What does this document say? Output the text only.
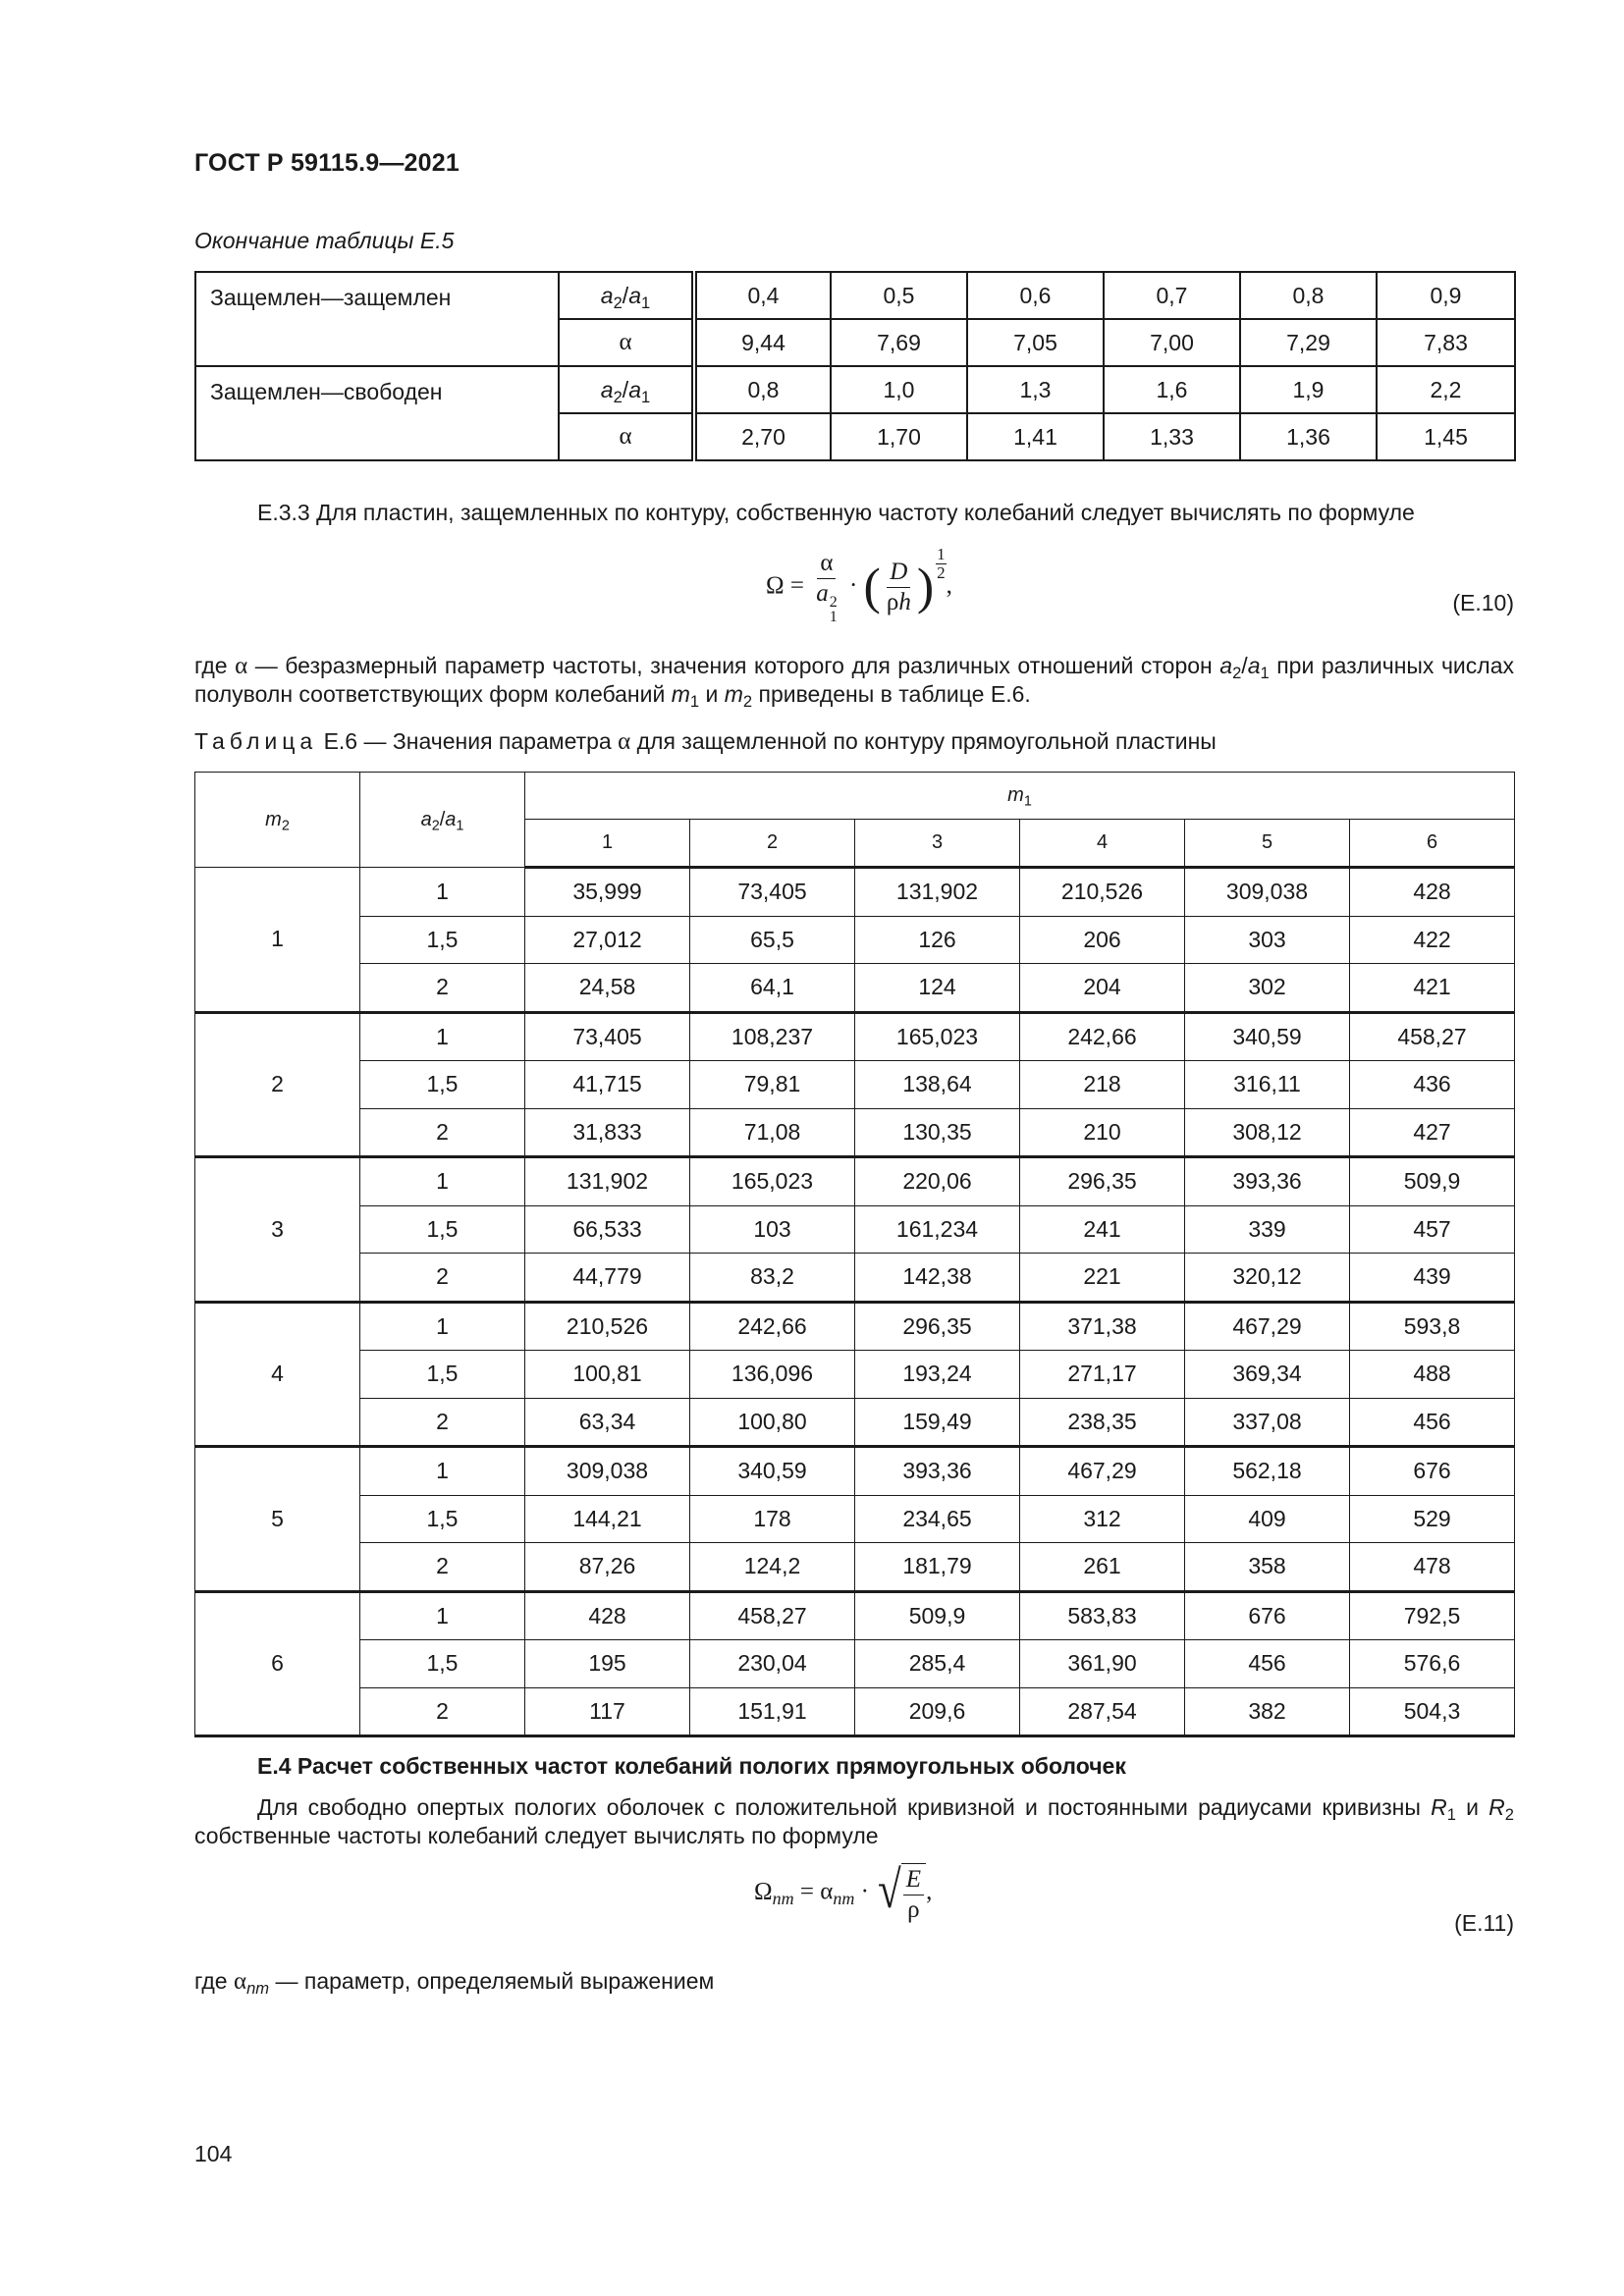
ГОСТ Р 59115.9—2021
Окончание таблицы Е.5
Защемлен—защемлен	$a_2/a_1$	0,4	0,5	0,6	0,7	0,8	0,9
	α	9,44	7,69	7,05	7,00	7,29	7,83
Защемлен—свободен	$a_2/a_1$	0,8	1,0	1,3	1,6	1,9	2,2
	α	2,70	1,70	1,41	1,33	1,36	1,45
Е.3.3 Для пластин, защемленных по контуру, собственную частоту колебаний следует вычислять по формуле
Ω = α
a 2
1 · ( $\frac{D}{\rho h}$ ) $\frac{1}{2}$
,
(Е.10)
где α — безразмерный параметр частоты, значения которого для различных отношений сторон $a_2/a_1$ при различных числах полуволн соответствующих форм колебаний $m_1$ и $m_2$ приведены в таблице Е.6.
Таблица Е.6 — Значения параметра α для защемленной по контуру прямоугольной пластины
$m_2$	$a_2/a_1$	$m_1$
		1	2	3	4	5	6
1	1	35,999	73,405	131,902	210,526	309,038	428
	1,5	27,012	65,5	126	206	303	422
	2	24,58	64,1	124	204	302	421
2	1	73,405	108,237	165,023	242,66	340,59	458,27
	1,5	41,715	79,81	138,64	218	316,11	436
	2	31,833	71,08	130,35	210	308,12	427
3	1	131,902	165,023	220,06	296,35	393,36	509,9
	1,5	66,533	103	161,234	241	339	457
	2	44,779	83,2	142,38	221	320,12	439
4	1	210,526	242,66	296,35	371,38	467,29	593,8
	1,5	100,81	136,096	193,24	271,17	369,34	488
	2	63,34	100,80	159,49	238,35	337,08	456
5	1	309,038	340,59	393,36	467,29	562,18	676
	1,5	144,21	178	234,65	312	409	529
	2	87,26	124,2	181,79	261	358	478
6	1	428	458,27	509,9	583,83	676	792,5
	1,5	195	230,04	285,4	361,90	456	576,6
	2	117	151,91	209,6	287,54	382	504,3
Е.4 Расчет собственных частот колебаний пологих прямоугольных оболочек
Для свободно опертых пологих оболочек с положительной кривизной и постоянными радиусами кривизны $R_1$ и $R_2$ собственные частоты колебаний следует вычислять по формуле
$\Omega_{nm} = \alpha_{nm}$ · √ $\frac{E}{\rho}$ ,
(Е.11)
где $\alpha_{nm}$ — параметр, определяемый выражением
104
